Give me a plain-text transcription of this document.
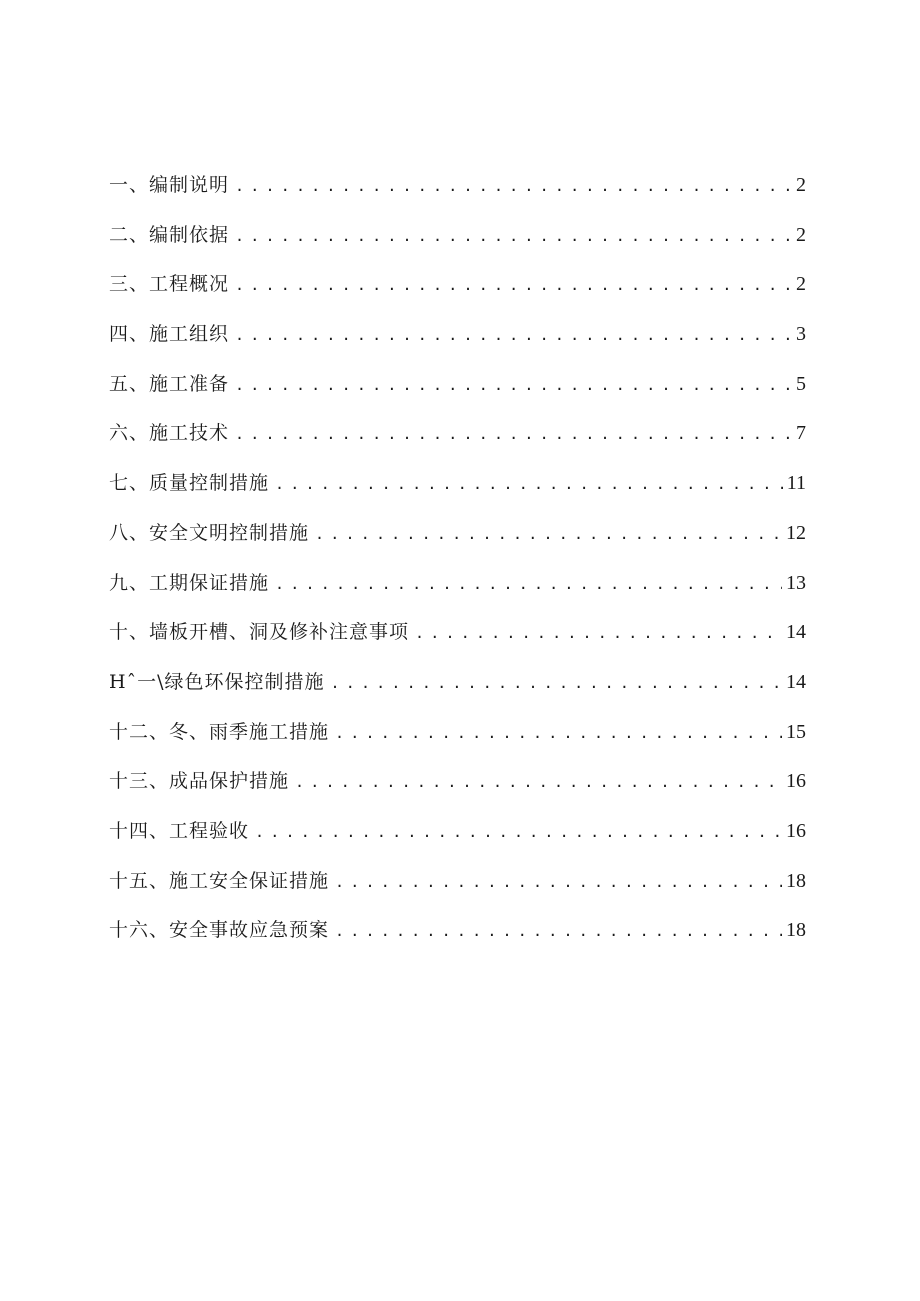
一、编制说明 .....	2
二、编制依据 .....	2
三、工程概况 .....	2
四、施工组织 .....	3
五、施工准备 .....	5
六、施工技术 .....	7
七、质量控制措施 .....	11
八、安全文明控制措施 .....	12
九、工期保证措施 .....	13
十、墙板开槽、洞及修补注意事项 .....	14
Hˆ一\绿色环保控制措施 .....	14
十二、冬、雨季施工措施 .....	15
十三、成品保护措施 .....	16
十四、工程验收 .....	16
十五、施工安全保证措施 .....	18
十六、安全事故应急预案 .....	18
